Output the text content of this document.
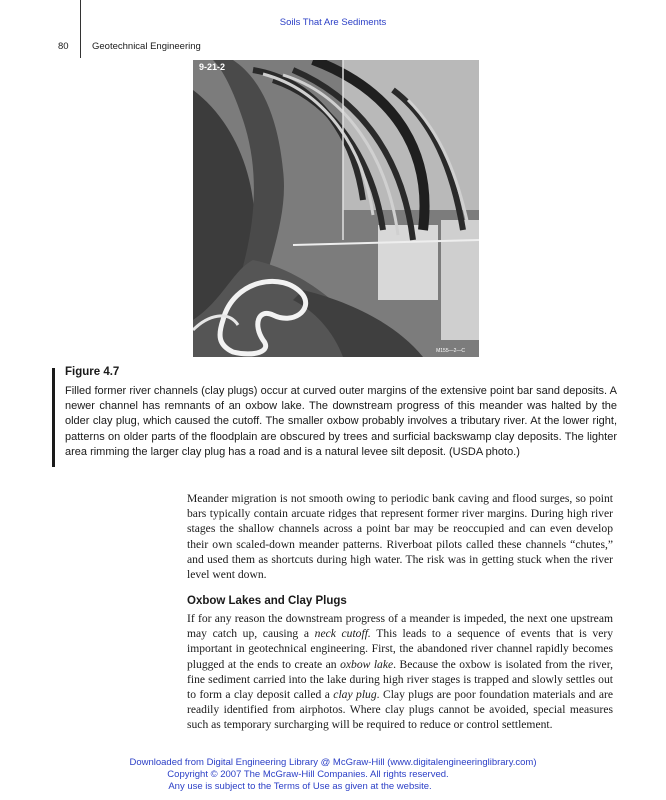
Soils That Are Sediments
80 Geotechnical Engineering
9-21-2
M155—2—C
Figure 4.7
Filled former river channels (clay plugs) occur at curved outer margins of the extensive point bar sand deposits. A newer channel has remnants of an oxbow lake. The downstream progress of this meander was halted by the older clay plug, which caused the cutoff. The smaller oxbow probably involves a tributary river. At the lower right, patterns on older parts of the floodplain are obscured by trees and surficial backswamp clay deposits. The lighter area rimming the larger clay plug has a road and is a natural levee silt deposit. (USDA photo.)

Meander migration is not smooth owing to periodic bank caving and flood surges, so point bars typically contain arcuate ridges that represent former river margins. During high river stages the shallow channels across a point bar may be reoccupied and can even develop their own scaled-down meander patterns. Riverboat pilots called these channels “chutes,” and used them as shortcuts during high water. The risk was in getting stuck when the river level went down.

Oxbow Lakes and Clay Plugs

If for any reason the downstream progress of a meander is impeded, the next one upstream may catch up, causing a neck cutoff. This leads to a sequence of events that is very important in geotechnical engineering. First, the abandoned river channel rapidly becomes plugged at the ends to create an oxbow lake. Because the oxbow is isolated from the river, fine sediment carried into the lake during high river stages is trapped and slowly settles out to form a clay deposit called a clay plug. Clay plugs are poor foundation materials and are readily identified from airphotos. Where clay plugs cannot be avoided, special measures such as temporary surcharging will be required to reduce or control settlement.

Downloaded from Digital Engineering Library @ McGraw-Hill (www.digitalengineeringlibrary.com)
Copyright © 2007 The McGraw-Hill Companies. All rights reserved.
Any use is subject to the Terms of Use as given at the website.
